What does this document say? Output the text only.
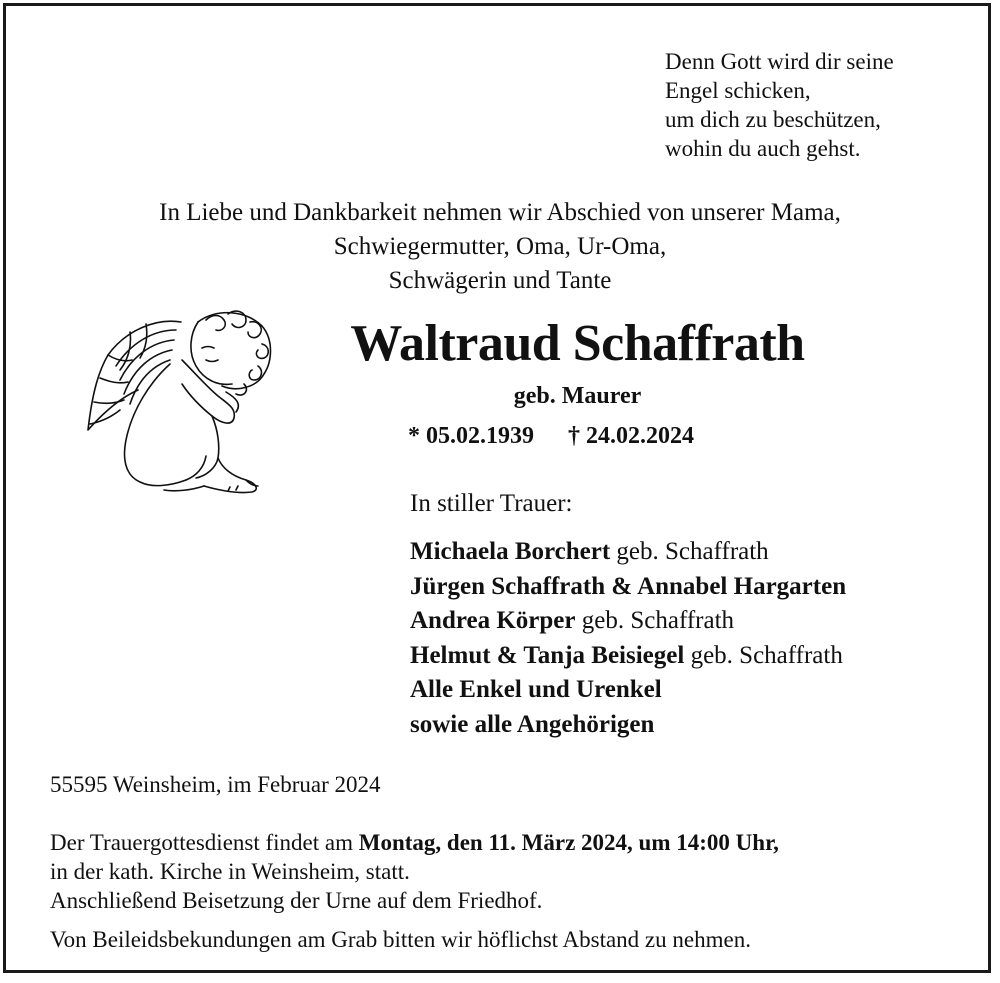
Denn Gott wird dir seine
Engel schicken,
um dich zu beschützen,
wohin du auch gehst.
In Liebe und Dankbarkeit nehmen wir Abschied von unserer Mama,
Schwiegermutter, Oma, Ur-Oma,
Schwägerin und Tante
Waltraud Schaffrath
geb. Maurer
* 05.02.1939 † 24.02.2024
In stiller Trauer:
Michaela Borchert geb. Schaffrath
Jürgen Schaffrath & Annabel Hargarten
Andrea Körper geb. Schaffrath
Helmut & Tanja Beisiegel geb. Schaffrath
Alle Enkel und Urenkel
sowie alle Angehörigen
55595 Weinsheim, im Februar 2024
Der Trauergottesdienst findet am Montag, den 11. März 2024, um 14:00 Uhr,
in der kath. Kirche in Weinsheim, statt.
Anschließend Beisetzung der Urne auf dem Friedhof.
Von Beileidsbekundungen am Grab bitten wir höflichst Abstand zu nehmen.
